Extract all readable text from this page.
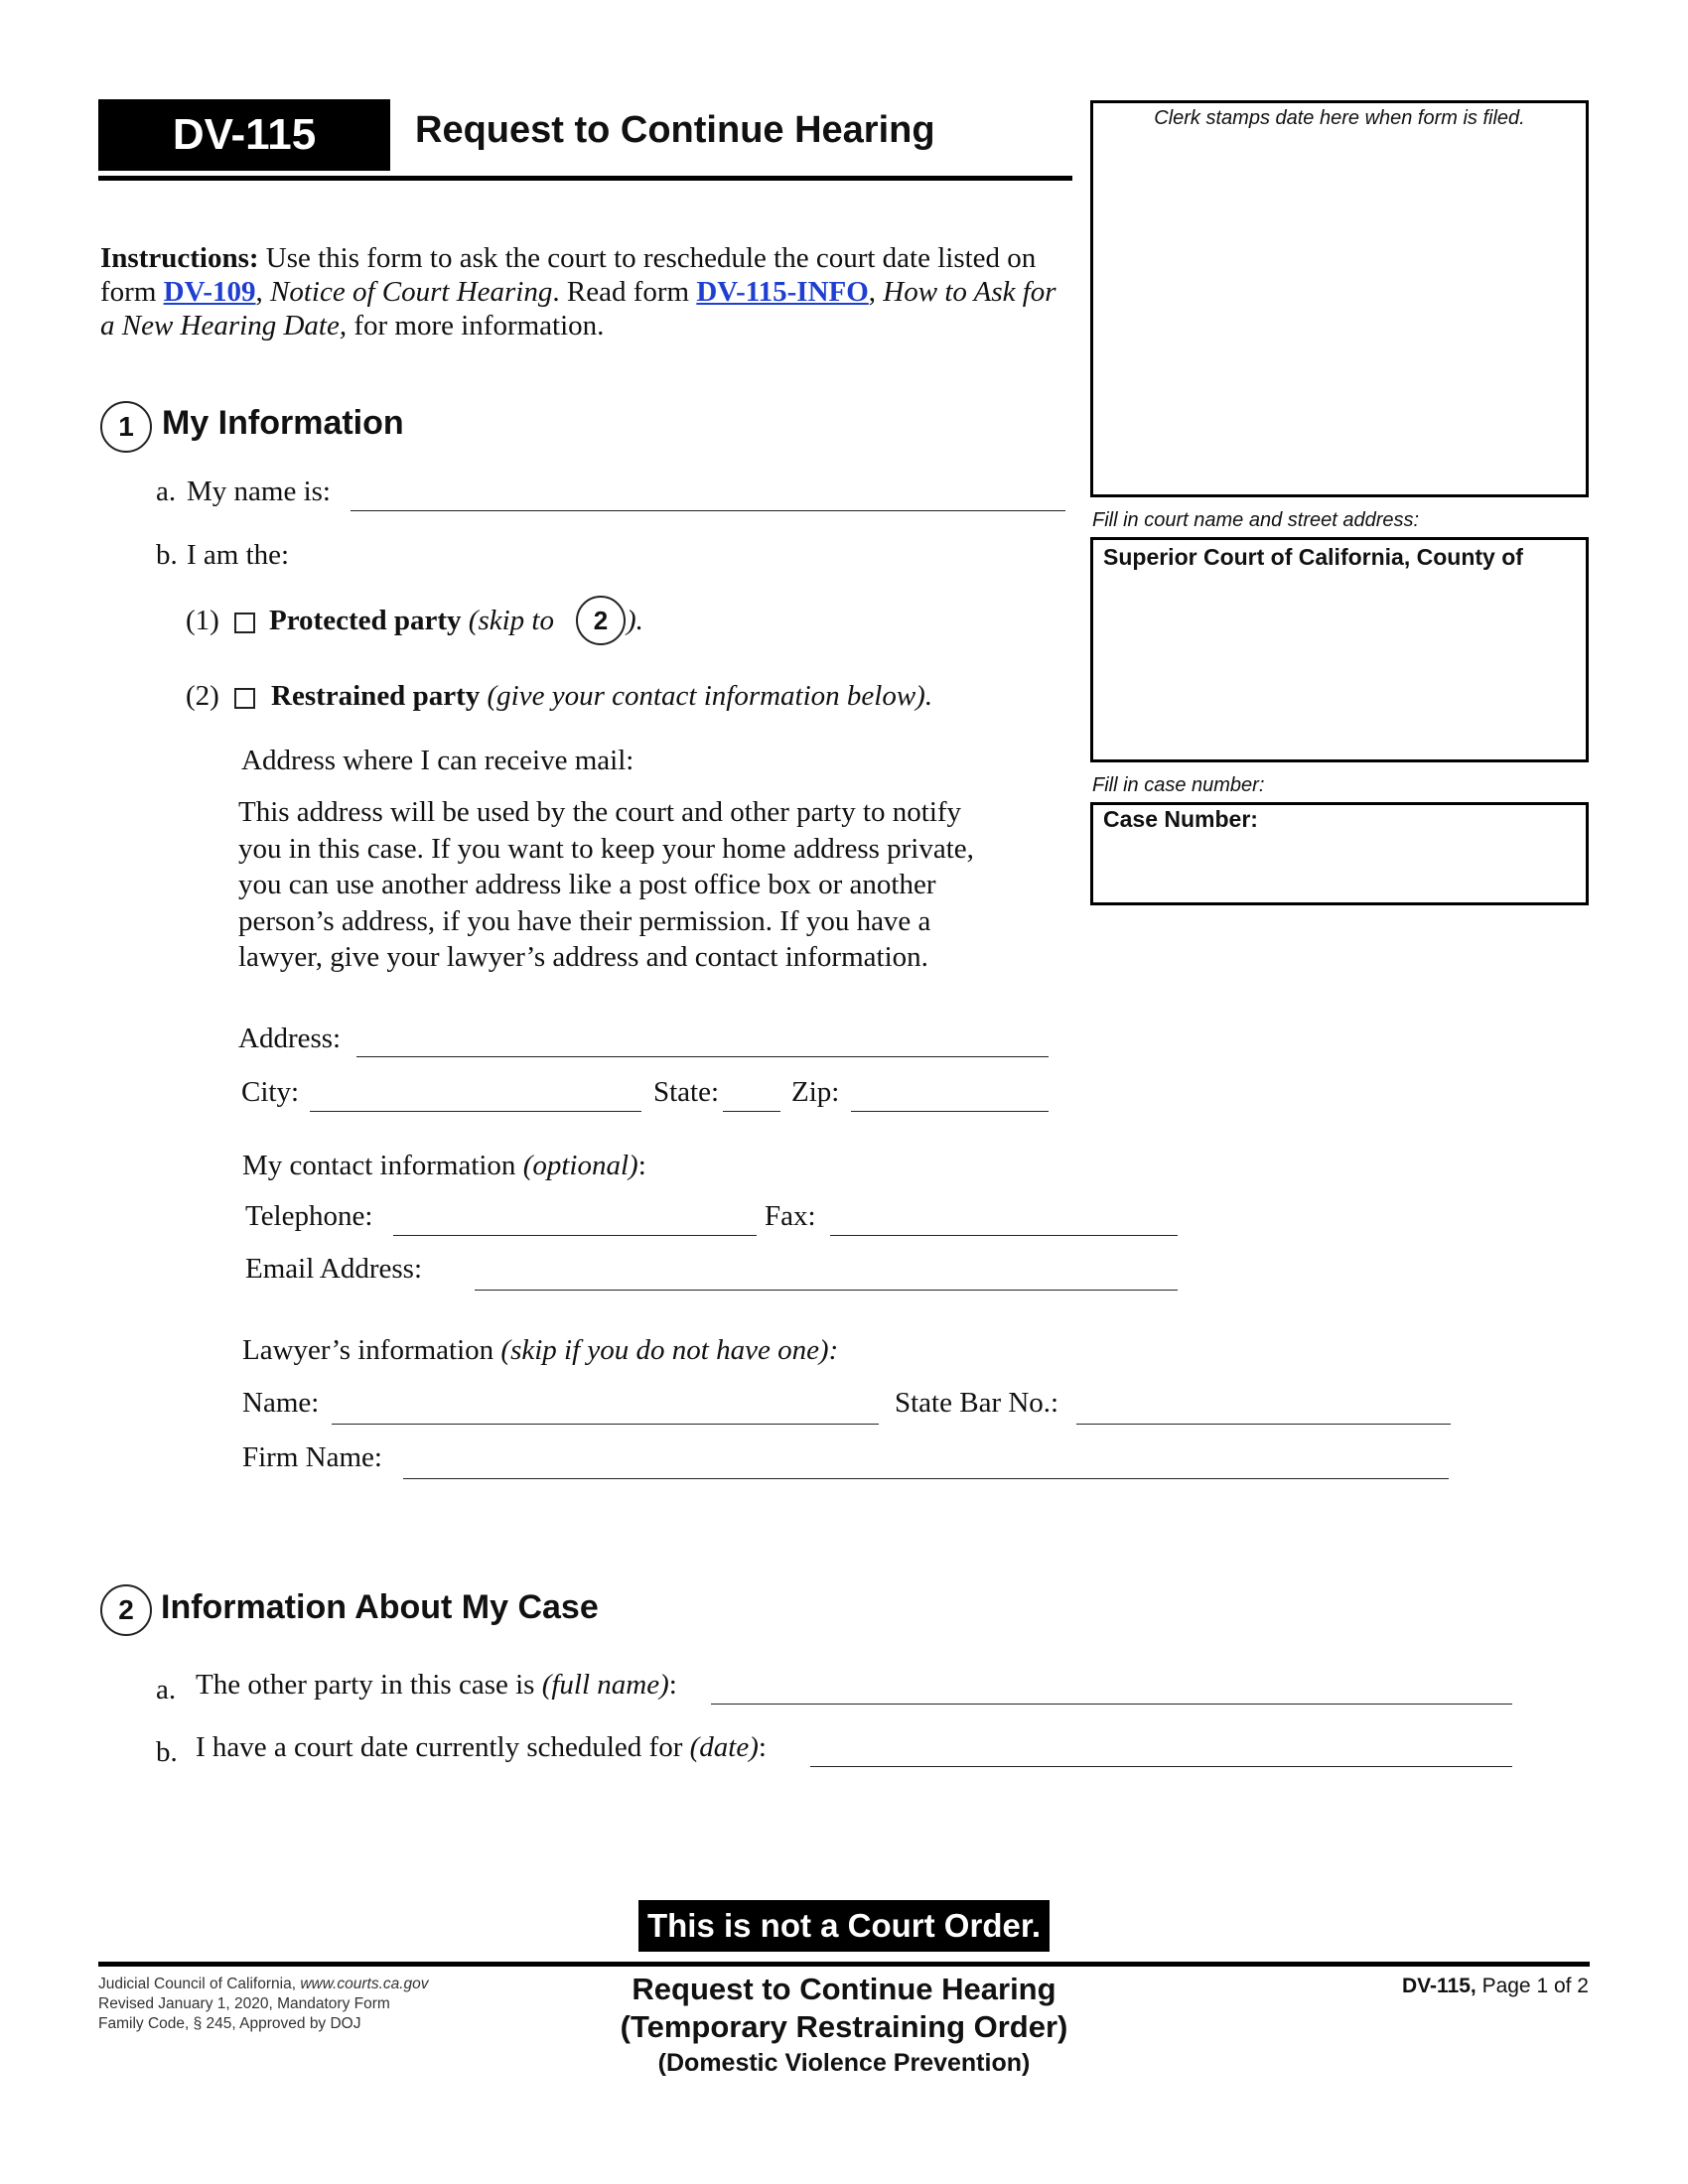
DV-115	Request to Continue Hearing	Clerk stamps date here when form is filed.
Fill in court name and street address:
Superior Court of California, County of
Fill in case number:
Case Number:
Instructions: Use this form to ask the court to reschedule the court date listed on form DV-109, Notice of Court Hearing. Read form DV-115-INFO, How to Ask for a New Hearing Date, for more information.
1 My Information
a. My name is:
b. I am the:
(1) Protected party (skip to	2 ).
(2) Restrained party (give your contact information below).
Address where I can receive mail:
This address will be used by the court and other party to notify
you in this case. If you want to keep your home address private,
you can use another address like a post office box or another
person’s address, if you have their permission. If you have a
lawyer, give your lawyer’s address and contact information.
Address:
City:	State:	Zip:
My contact information (optional):
Telephone:	Fax:
Email Address:
Lawyer’s information (skip if you do not have one):
Name:	State Bar No.:
Firm Name:
2 Information About My Case
a. The other party in this case is (full name):
b. I have a court date currently scheduled for (date):
This is not a Court Order.
Judicial Council of California, www.courts.ca.gov
Revised January 1, 2020, Mandatory Form
Family Code, § 245, Approved by DOJ
Request to Continue Hearing
(Temporary Restraining Order)
(Domestic Violence Prevention)
DV-115, Page 1 of 2
